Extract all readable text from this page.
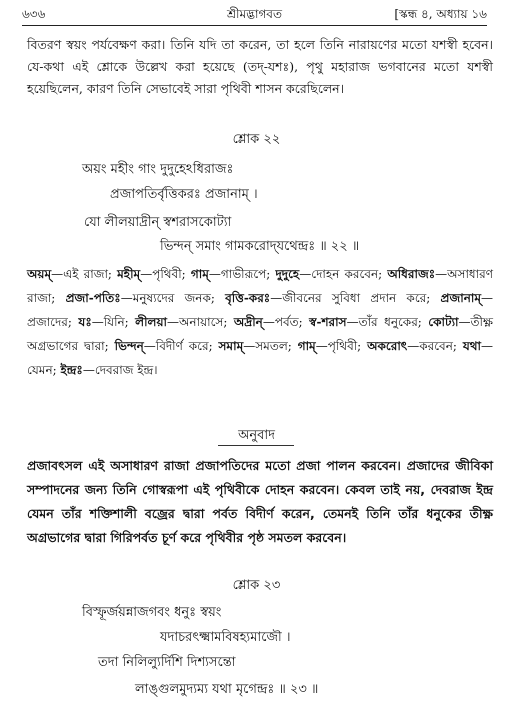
৬৩৬	শ্রীমদ্ভাগবত	[স্কন্ধ ৪, অধ্যায় ১৬

বিতরণ স্বয়ং পর্যবেক্ষণ করা। তিনি যদি তা করেন, তা হলে তিনি নারায়ণের মতো যশস্বী হবেন। যে-কথা এই শ্লোকে উল্লেখ করা হয়েছে (তদ্-যশঃ), পৃথু মহারাজ ভগবানের মতো যশস্বী হয়েছিলেন, কারণ তিনি সেভাবেই সারা পৃথিবী শাসন করেছিলেন।

শ্লোক ২২
অয়ং মহীং গাং দুদুহেঽধিরাজঃ
প্রজাপতির্বৃত্তিকরঃ প্রজানাম্ ।
যো লীলয়াদ্রীন্ স্বশরাসকোট্যা
ভিন্দন্ সমাং গামকরোদ্‌যথেন্দ্রঃ ॥ ২২ ॥

অয়ম্—এই রাজা; মহীম্—পৃথিবী; গাম্—গাভীরূপে; দুদুহে—দোহন করবেন; অধিরাজঃ—অসাধারণ রাজা; প্রজা-পতিঃ—মনুষ্যদের জনক; বৃত্তি-করঃ—জীবনের সুবিধা প্রদান করে; প্রজানাম্—প্রজাদের; যঃ—যিনি; লীলয়া—অনায়াসে; অদ্রীন্—পর্বত; স্ব-শরাস—তাঁর ধনুকের; কোট্যা—তীক্ষ্ণ অগ্রভাগের দ্বারা; ভিন্দন্—বিদীর্ণ করে; সমাম্—সমতল; গাম্—পৃথিবী; অকরোৎ—করবেন; যথা—যেমন; ইন্দ্রঃ—দেবরাজ ইন্দ্র।

অনুবাদ

প্রজাবৎসল এই অসাধারণ রাজা প্রজাপতিদের মতো প্রজা পালন করবেন। প্রজাদের জীবিকা সম্পাদনের জন্য তিনি গোস্বরূপা এই পৃথিবীকে দোহন করবেন। কেবল তাই নয়, দেবরাজ ইন্দ্র যেমন তাঁর শক্তিশালী বজ্রের দ্বারা পর্বত বিদীর্ণ করেন, তেমনই তিনি তাঁর ধনুকের তীক্ষ্ণ অগ্রভাগের দ্বারা গিরিপর্বত চূর্ণ করে পৃথিবীর পৃষ্ঠ সমতল করবেন।

শ্লোক ২৩
বিস্ফূর্জয়ন্নাজগবং ধনুঃ স্বয়ং
যদাচরৎক্ষ্মামবিষহ্যমাজৌ ।
তদা নিলিল্যুর্দিশি দিশ্যসন্তো
লাঙ্গুলমুদ্যম্য যথা মৃগেন্দ্রঃ ॥ ২৩ ॥
